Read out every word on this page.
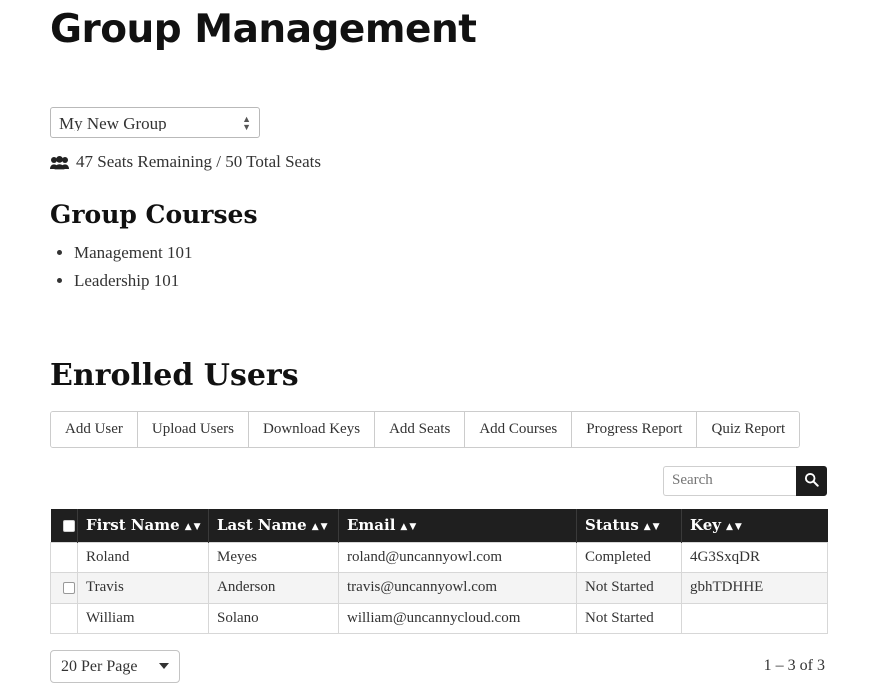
Group Management
My New Group
▲
▼
47 Seats Remaining / 50 Total Seats
Group Courses
• Management 101
• Leadership 101
Enrolled Users
Add User	Upload Users	Download Keys	Add Seats	Add Courses	Progress Report	Quiz Report
Search
	First Name ▲▼	Last Name ▲▼	Email ▲▼	Status ▲▼	Key ▲▼
	Roland	Meyes	roland@uncannyowl.com	Completed	4G3SxqDR
	Travis	Anderson	travis@uncannyowl.com	Not Started	gbhTDHHE
	William	Solano	william@uncannycloud.com	Not Started	
20 Per Page
1 – 3 of 3
